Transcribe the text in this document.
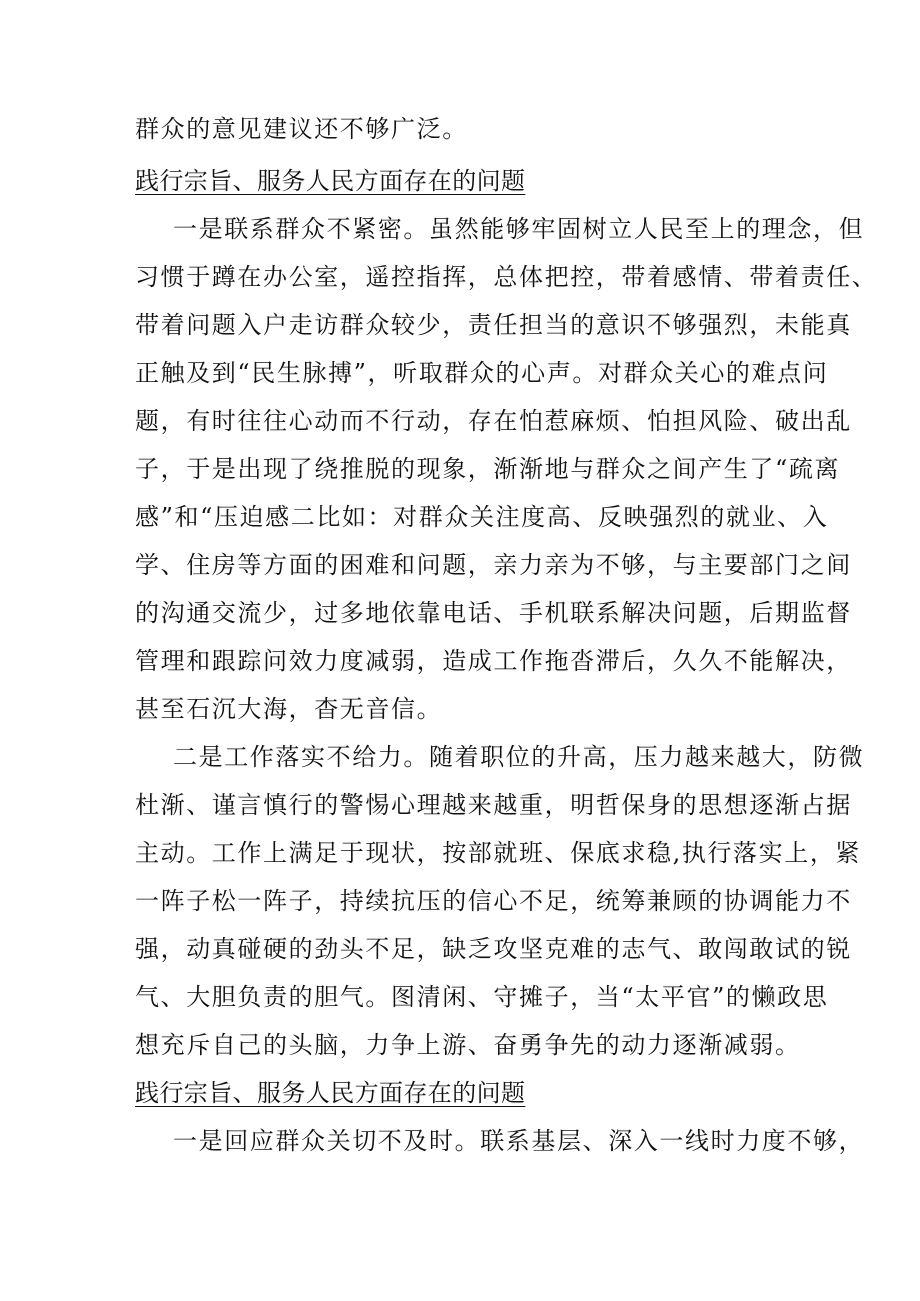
群众的意见建议还不够广泛。
践行宗旨、服务人民方面存在的问题
一是联系群众不紧密。虽然能够牢固树立人民至上的理念，但
习惯于蹲在办公室，遥控指挥，总体把控，带着感情、带着责任、
带着问题入户走访群众较少，责任担当的意识不够强烈，未能真
正触及到“民生脉搏”，听取群众的心声。对群众关心的难点问
题，有时往往心动而不行动，存在怕惹麻烦、怕担风险、破出乱
子，于是出现了绕推脱的现象，渐渐地与群众之间产生了“疏离
感”和“压迫感二比如：对群众关注度高、反映强烈的就业、入
学、住房等方面的困难和问题，亲力亲为不够，与主要部门之间
的沟通交流少，过多地依靠电话、手机联系解决问题，后期监督
管理和跟踪问效力度减弱，造成工作拖沓滞后，久久不能解决，
甚至石沉大海，杳无音信。
二是工作落实不给力。随着职位的升高，压力越来越大，防微
杜渐、谨言慎行的警惕心理越来越重，明哲保身的思想逐渐占据
主动。工作上满足于现状，按部就班、保底求稳,执行落实上，紧
一阵子松一阵子，持续抗压的信心不足，统筹兼顾的协调能力不
强，动真碰硬的劲头不足，缺乏攻坚克难的志气、敢闯敢试的锐
气、大胆负责的胆气。图清闲、守摊子，当“太平官”的懒政思
想充斥自己的头脑，力争上游、奋勇争先的动力逐渐减弱。
践行宗旨、服务人民方面存在的问题
一是回应群众关切不及时。联系基层、深入一线时力度不够，
